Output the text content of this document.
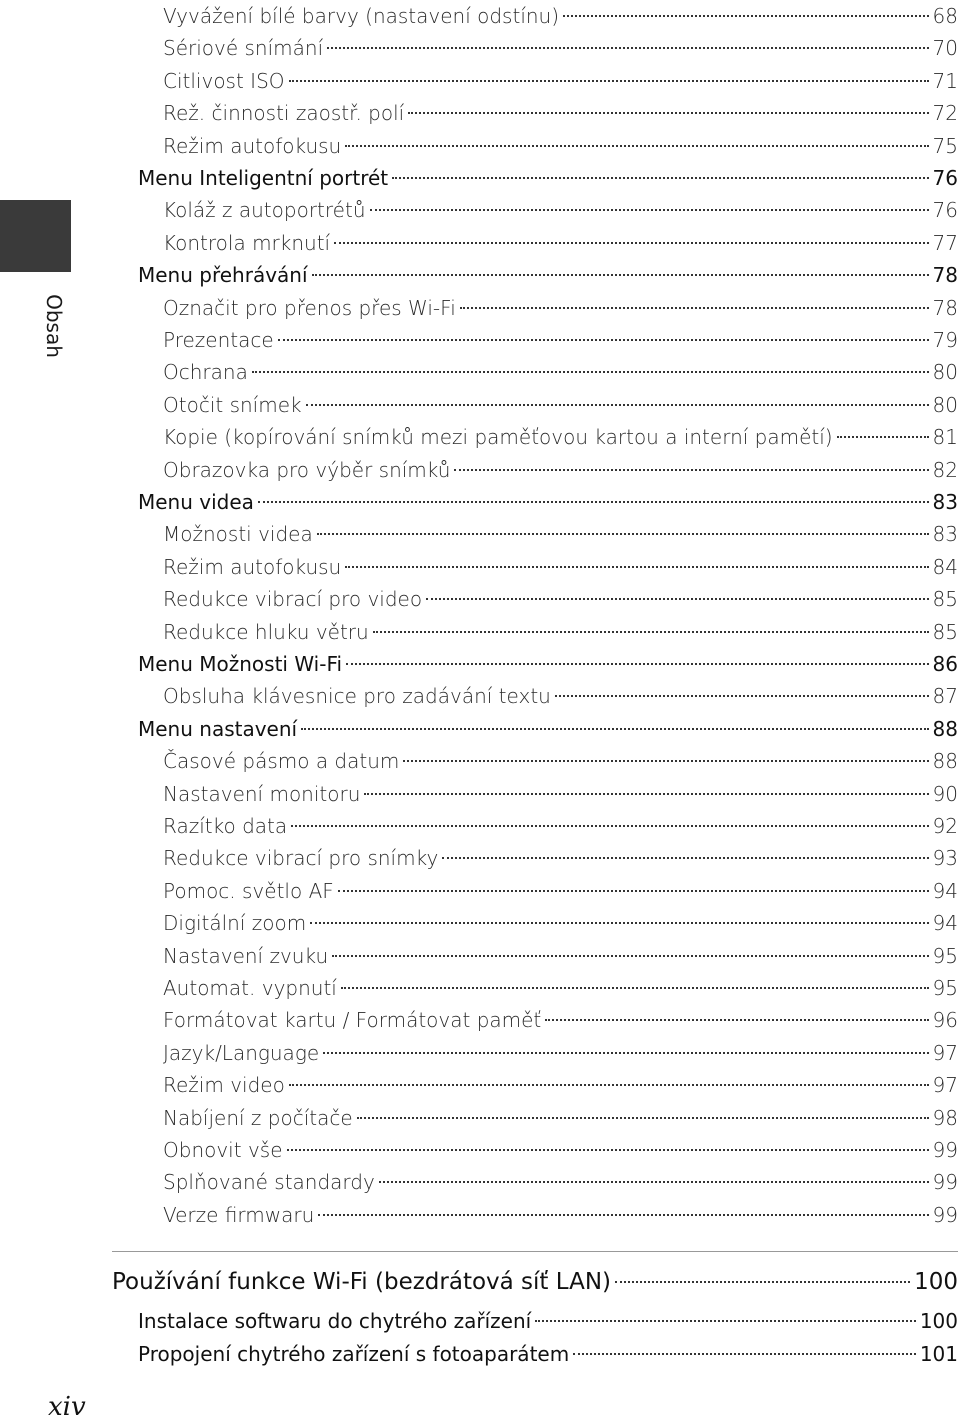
Obsah
Vyvážení bílé barvy (nastavení odstínu)	68
Sériové snímání	70
Citlivost ISO	71
Rež. činnosti zaostř. polí	72
Režim autofokusu	75
Menu Inteligentní portrét	76
Koláž z autoportrétů	76
Kontrola mrknutí	77
Menu přehrávání	78
Označit pro přenos přes Wi-Fi	78
Prezentace	79
Ochrana	80
Otočit snímek	80
Kopie (kopírování snímků mezi paměťovou kartou a interní pamětí)	81
Obrazovka pro výběr snímků	82
Menu videa	83
Možnosti videa	83
Režim autofokusu	84
Redukce vibrací pro video	85
Redukce hluku větru	85
Menu Možnosti Wi-Fi	86
Obsluha klávesnice pro zadávání textu	87
Menu nastavení	88
Časové pásmo a datum	88
Nastavení monitoru	90
Razítko data	92
Redukce vibrací pro snímky	93
Pomoc. světlo AF	94
Digitální zoom	94
Nastavení zvuku	95
Automat. vypnutí	95
Formátovat kartu / Formátovat paměť	96
Jazyk/Language	97
Režim video	97
Nabíjení z počítače	98
Obnovit vše	99
Splňované standardy	99
Verze firmwaru	99
Používání funkce Wi-Fi (bezdrátová síť LAN)	100
Instalace softwaru do chytrého zařízení	100
Propojení chytrého zařízení s fotoaparátem	101
xiv
